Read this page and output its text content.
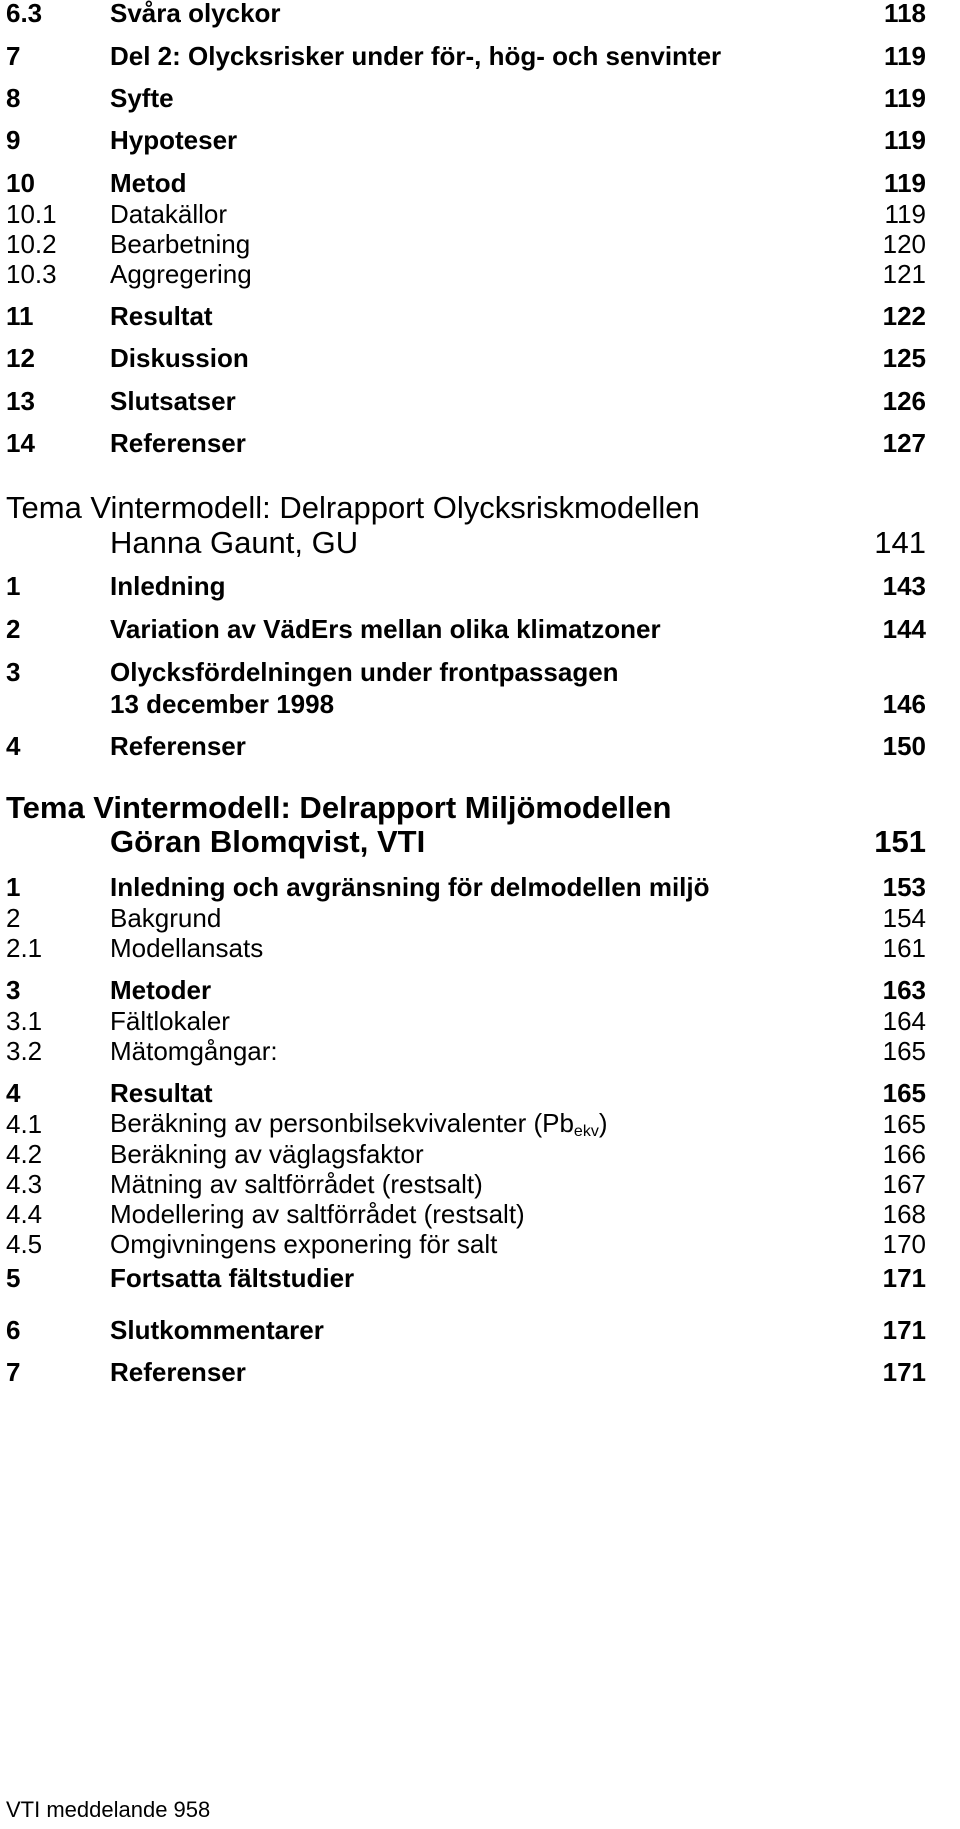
6.3	Svåra olyckor	118
7	Del 2: Olycksrisker under för-, hög- och senvinter	119
8	Syfte	119
9	Hypoteser	119
10	Metod	119
10.1 Datakällor	119
10.2 Bearbetning	120
10.3 Aggregering	121
11	Resultat	122
12	Diskussion	125
13	Slutsatser	126
14	Referenser	127
Tema Vintermodell: Delrapport Olycksriskmodellen
Hanna Gaunt, GU	141
1	Inledning	143
2	Variation av VädErs mellan olika klimatzoner	144
3	Olycksfördelningen under frontpassagen
13 december 1998	146
4	Referenser	150
Tema Vintermodell: Delrapport Miljömodellen
Göran Blomqvist, VTI	151
1	Inledning och avgränsning för delmodellen miljö	153
2	Bakgrund	154
2.1	Modellansats	161
3	Metoder	163
3.1	Fältlokaler	164
3.2	Mätomgångar:	165
4	Resultat	165
4.1	Beräkning av personbilsekvivalenter $(Pb_{ekv})$	165
4.2	Beräkning av väglagsfaktor	166
4.3	Mätning av saltförrådet (restsalt)	167
4.4	Modellering av saltförrådet (restsalt)	168
4.5	Omgivningens exponering för salt	170
5	Fortsatta fältstudier	171
6	Slutkommentarer	171
7	Referenser	171
VTI meddelande 958
